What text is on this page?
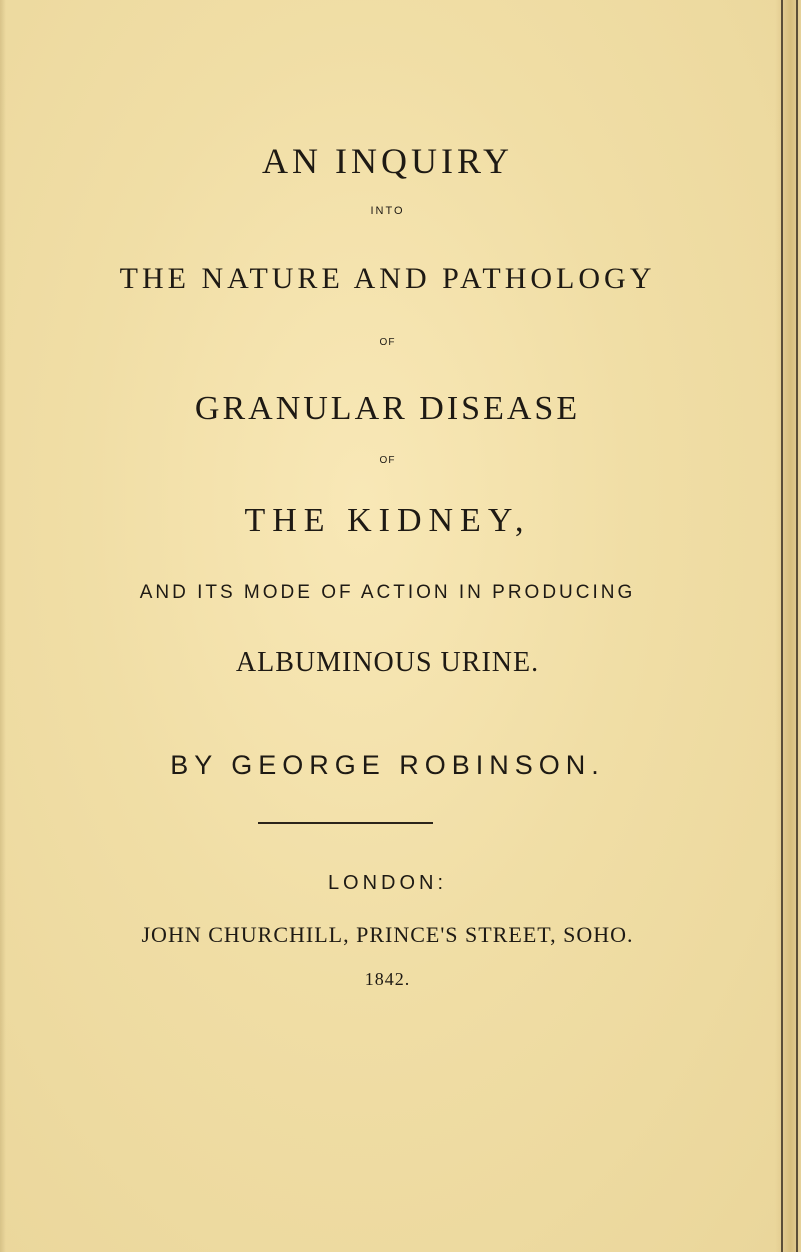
AN INQUIRY
INTO
THE NATURE AND PATHOLOGY
OF
GRANULAR DISEASE
OF
THE KIDNEY,
AND ITS MODE OF ACTION IN PRODUCING
ALBUMINOUS URINE.
BY GEORGE ROBINSON.
LONDON:
JOHN CHURCHILL, PRINCE'S STREET, SOHO.
1842.
